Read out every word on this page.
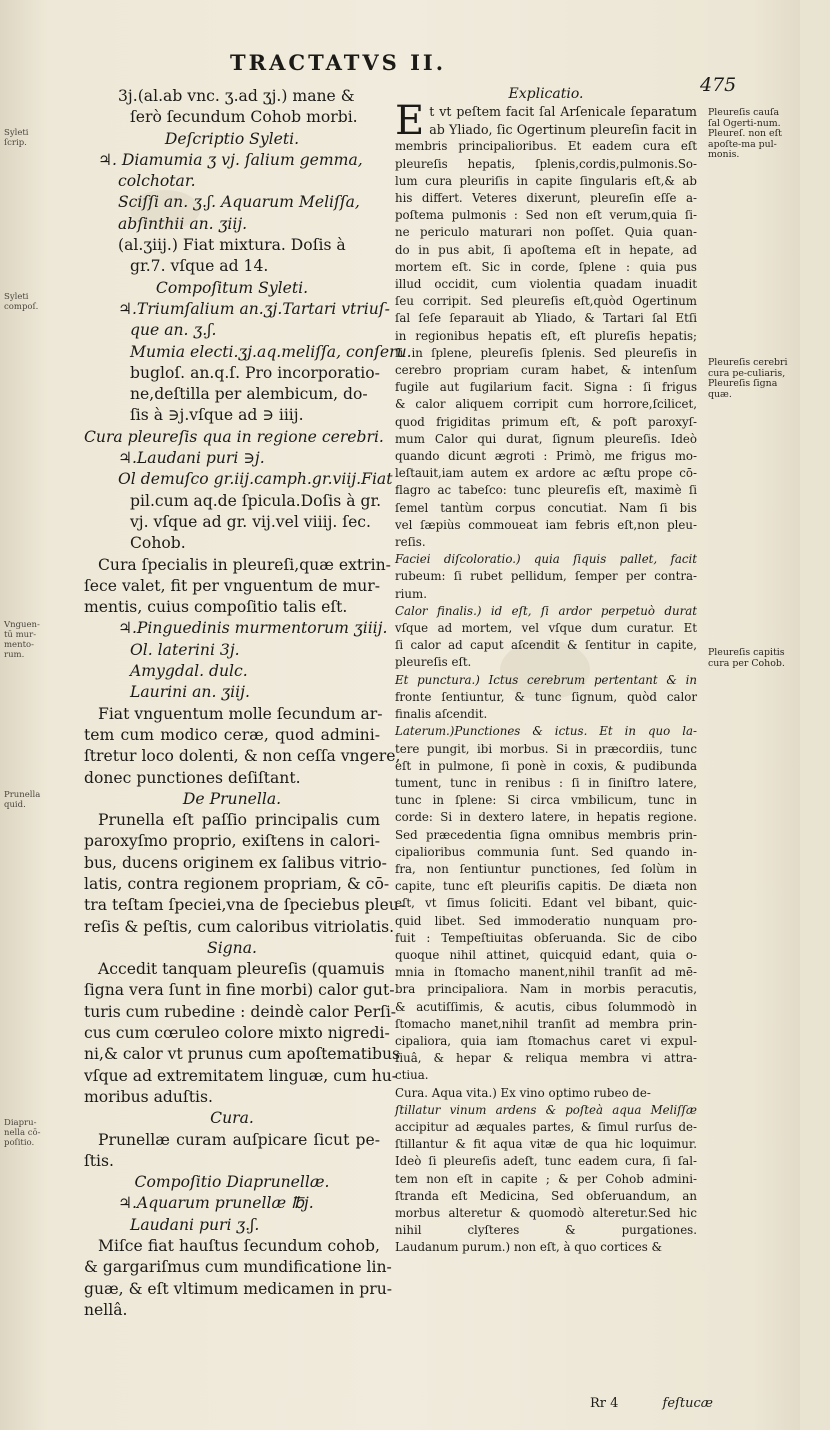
TRACTATVS II.
475
Syleti ſcrip.
Syleti compoſ.
Vnguen-tū mur-mento-rum.
Prunella quid.
Diapru-nella cō-poſitio.
Pleureſis cauſa ſal Ogerti-num. Pleureſ. non eſt apoſte-ma pul-monis.
Pleureſis cerebri cura pe-culiaris, Pleureſis ſigna quæ.
Pleureſis capitis cura per Cohob.
3j.(al.ab vnc. ʒ.ad ʒj.) mane &
ſerò ſecundum Cohob morbi.
Deſcriptio Syleti.
♃. Diamumia ʒ vj. ſalium gemma,
colchotar.
Sciſſi an. ʒ.ʃ. Aquarum Meliſſa,
abſinthii an. ʒiij.
(al.ʒiij.) Fiat mixtura. Doſis à
gr.7. vſque ad 14.
Compoſitum Syleti.
♃.Triumſalium an.ʒj.Tartari vtriuſ-
que an. ʒ.ʃ.
Mumia electi.ʒj.aq.meliſſa, conſeru.
bugloſ. an.q.ſ. Pro incorporatio-
ne,deſtilla per alembicum, do-
ſis à ∋j.vſque ad ∋ iiij.
Cura pleureſis qua in regione cerebri.
♃.Laudani puri ∋j.
Ol demuſco gr.iij.camph.gr.viij.Fiat
pil.cum aq.de ſpicula.Doſis à gr.
vj. vſque ad gr. vij.vel viiij. ſec.
Cohob.
Cura ſpecialis in pleureſi,quæ extrin-
ſece valet, fit per vnguentum de mur-
mentis, cuius compoſitio talis eſt.
♃.Pinguedinis murmentorum ʒiiij.
Ol. laterini 3j.
Amygdal. dulc.
Laurini an. ʒiij.
Fiat vnguentum molle ſecundum ar-
tem cum modico ceræ, quod admini-
ſtretur loco dolenti, & non ceſſa vngere,
donec punctiones deſiſtant.
De Prunella.
Prunella eſt paſſio principalis cum
paroxyſmo proprio, exiſtens in calori-
bus, ducens originem ex ſalibus vitrio-
latis, contra regionem propriam, & cō-
tra teſtam ſpeciei,vna de ſpeciebus pleu-
reſis & peſtis, cum caloribus vitriolatis.
Signa.
Accedit tanquam pleureſis (quamuis
ſigna vera ſunt in fine morbi) calor gut-
turis cum rubedine : deindè calor Perſi-
cus cum cœruleo colore mixto nigredi-
ni,& calor vt prunus cum apoſtematibus
vſque ad extremitatem linguæ, cum hu-
moribus aduſtis.
Cura.
Prunellæ curam auſpicare ſicut pe-
ſtis.
Compoſitio Diaprunellæ.
♃.Aquarum prunellæ ℔j.
Laudani puri ʒ.ʃ.
Miſce fiat hauſtus ſecundum cohob,
& gargariſmus cum mundificatione lin-
guæ, & eſt vltimum medicamen in pru-
nellâ.
Explicatio.
E t vt peſtem facit ſal Arſenicale ſeparatum
ab Yliado, ſic Ogertinum pleureſin facit in
membris principalioribus. Et eadem cura eſt
pleureſis hepatis, ſplenis,cordis,pulmonis.So-
lum cura pleuriſis in capite ſingularis eſt,& ab
his differt. Veteres dixerunt, pleureſin eſſe a-
poſtema pulmonis : Sed non eſt verum,quia ſi-
ne periculo maturari non poſſet. Quia quan-
do in pus abit, ſi apoſtema eſt in hepate, ad
mortem eſt. Sic in corde, ſplene : quia pus
illud occidit, cum violentia quadam inuadit
ſeu corripit. Sed pleureſis eſt,quòd Ogertinum
ſal ſeſe ſeparauit ab Yliado, & Tartari ſal Etſi
in regionibus hepatis eſt, eſt plureſis hepatis;
ſi in ſplene, pleureſis ſplenis. Sed pleureſis in
cerebro propriam curam habet, & intenſum
fugile aut fugilarium facit. Signa : ſi frigus
& calor aliquem corripit cum horrore,ſcilicet,
quod frigiditas primum eſt, & poſt paroxyſ-
mum Calor qui durat, ſignum pleureſis. Ideò
quando dicunt ægroti : Primò, me frigus mo-
leſtauit,iam autem ex ardore ac æſtu prope cō-
flagro ac tabeſco: tunc pleureſis eſt, maximè ſi
ſemel tantùm corpus concutiat. Nam ſi bis
vel ſæpiùs commoueat iam febris eſt,non pleu-
reſis.
Faciei diſcoloratio.) quia ſiquis pallet, facit
rubeum: ſi rubet pellidum, ſemper per contra-
rium.
Calor finalis.) id eſt, ſi ardor perpetuò durat
vſque ad mortem, vel vſque dum curatur. Et
ſi calor ad caput aſcendit & ſentitur in capite,
pleureſis eſt.
Et punctura.) Ictus cerebrum pertentant & in
fronte ſentiuntur, & tunc ſignum, quòd calor
finalis aſcendit.
Laterum.)Punctiones & ictus. Et in quo la-
tere pungit, ibi morbus. Si in præcordiis, tunc
eſt in pulmone, ſi ponè in coxis, & pudibunda
tument, tunc in renibus : ſi in ſiniſtro latere,
tunc in ſplene: Si circa vmbilicum, tunc in
corde: Si in dextero latere, in hepatis regione.
Sed præcedentia ſigna omnibus membris prin-
cipalioribus communia ſunt. Sed quando in-
fra, non ſentiuntur punctiones, ſed ſolùm in
capite, tunc eſt pleuriſis capitis. De diæta non
eſt, vt ſimus ſoliciti. Edant vel bibant, quic-
quid libet. Sed immoderatio nunquam pro-
fuit : Tempeſtiuitas obſeruanda. Sic de cibo
quoque nihil attinet, quicquid edant, quia o-
mnia in ſtomacho manent,nihil tranſit ad mē-
bra principaliora. Nam in morbis peracutis,
& acutiſſimis, & acutis, cibus ſolummodò in
ſtomacho manet,nihil tranſit ad membra prin-
cipaliora, quia iam ſtomachus caret vi expul-
ſiuâ, & hepar & reliqua membra vi attra-
ctiua.
Cura. Aqua vita.) Ex vino optimo rubeo de-
ſtillatur vinum ardens & poſteà aqua Meliſſæ
accipitur ad æquales partes, & ſimul rurſus de-
ſtillantur & fit aqua vitæ de qua hic loquimur.
Ideò ſi pleureſis adeſt, tunc eadem cura, ſi ſal-
tem non eſt in capite ; & per Cohob admini-
ſtranda eſt Medicina, Sed obſeruandum, an
morbus alteretur & quomodò alteretur.Sed hic
nihil clyſteres & purgationes.
Laudanum purum.) non eſt, à quo cortices &
Rr 4	feſtucæ
